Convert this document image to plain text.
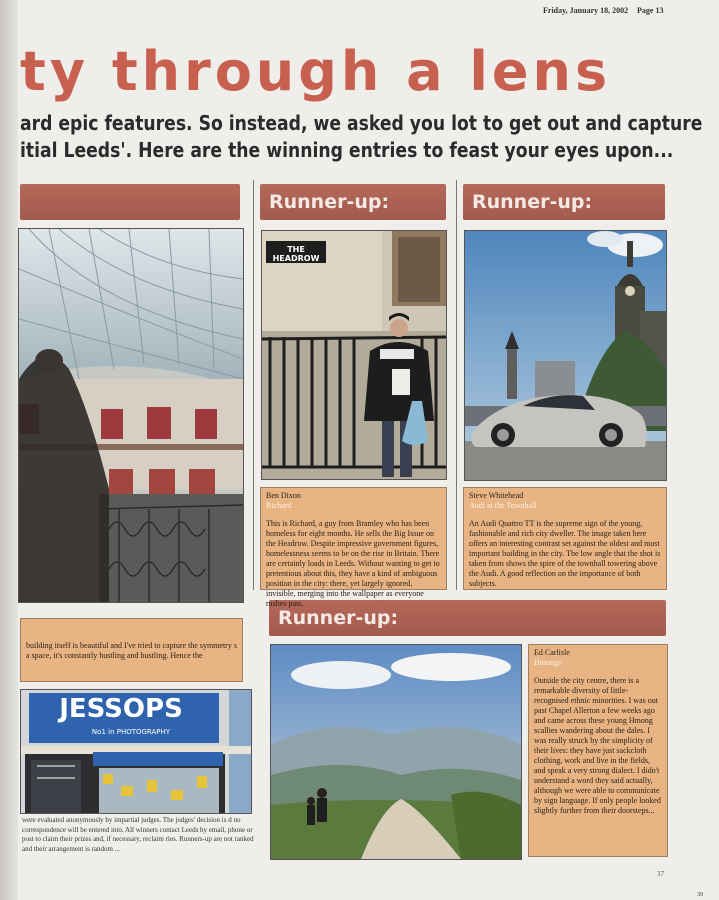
Friday, January 18, 2002 Page 13
ty through a lens
ard epic features. So instead, we asked you lot to get out and capture
itial Leeds'. Here are the winning entries to feast your eyes upon...
Runner-up:	Runner-up:
Runner-up:
THE HEADROW
Ben Dixon
Richard
This is Richard, a guy from Bramley who has been homeless for eight months. He sells the Big Issue on the Headrow. Despite impressive government figures, homelessness seems to be on the rise in Britain. There are certainly loads in Leeds. Without wanting to get to pretentious about this, they have a kind of ambiguous position in the city: there, yet largely ignored, invisible, merging into the wallpaper as everyone rushes past.
Steve Whitehead
Audi at the Townhall
An Audi Quattro TT is the supreme sign of the young, fashionable and rich city dweller. The image taken here offers an interesting contrast set against the oldest and most important building in the city. The low angle that the shot is taken from shows the spire of the townhall towering above the Audi. A good reflection on the importance of both subjects.
building itself is beautiful and I've tried to capture the symmetry s a space, it's constantly hustling and bustling. Hence the	Ed Carlisle
Hmongs
Outside the city centre, there is a remarkable diversity of little-recognised ethnic minorities. I was out past Chapel Allerton a few weeks ago and came across these young Hmong scallies wandering about the dales. I was really struck by the simplicity of their lives: they have just sackcloth clothing, work and live in the fields, and speak a very strong dialect. I didn't understand a word they said actually, although we were able to communicate by sign language. If only people looked slightly further from their doorsteps...
JESSOPS
No1 in PHOTOGRAPHY
were evaluated anonymously by impartial judges. The judges' decision is d no correspondence will be entered into. All winners contact Leeds by email, phone or post to claim their prizes and, if necessary, reclaim ries. Runners-up are not ranked and their arrangement is random ...
37
39
